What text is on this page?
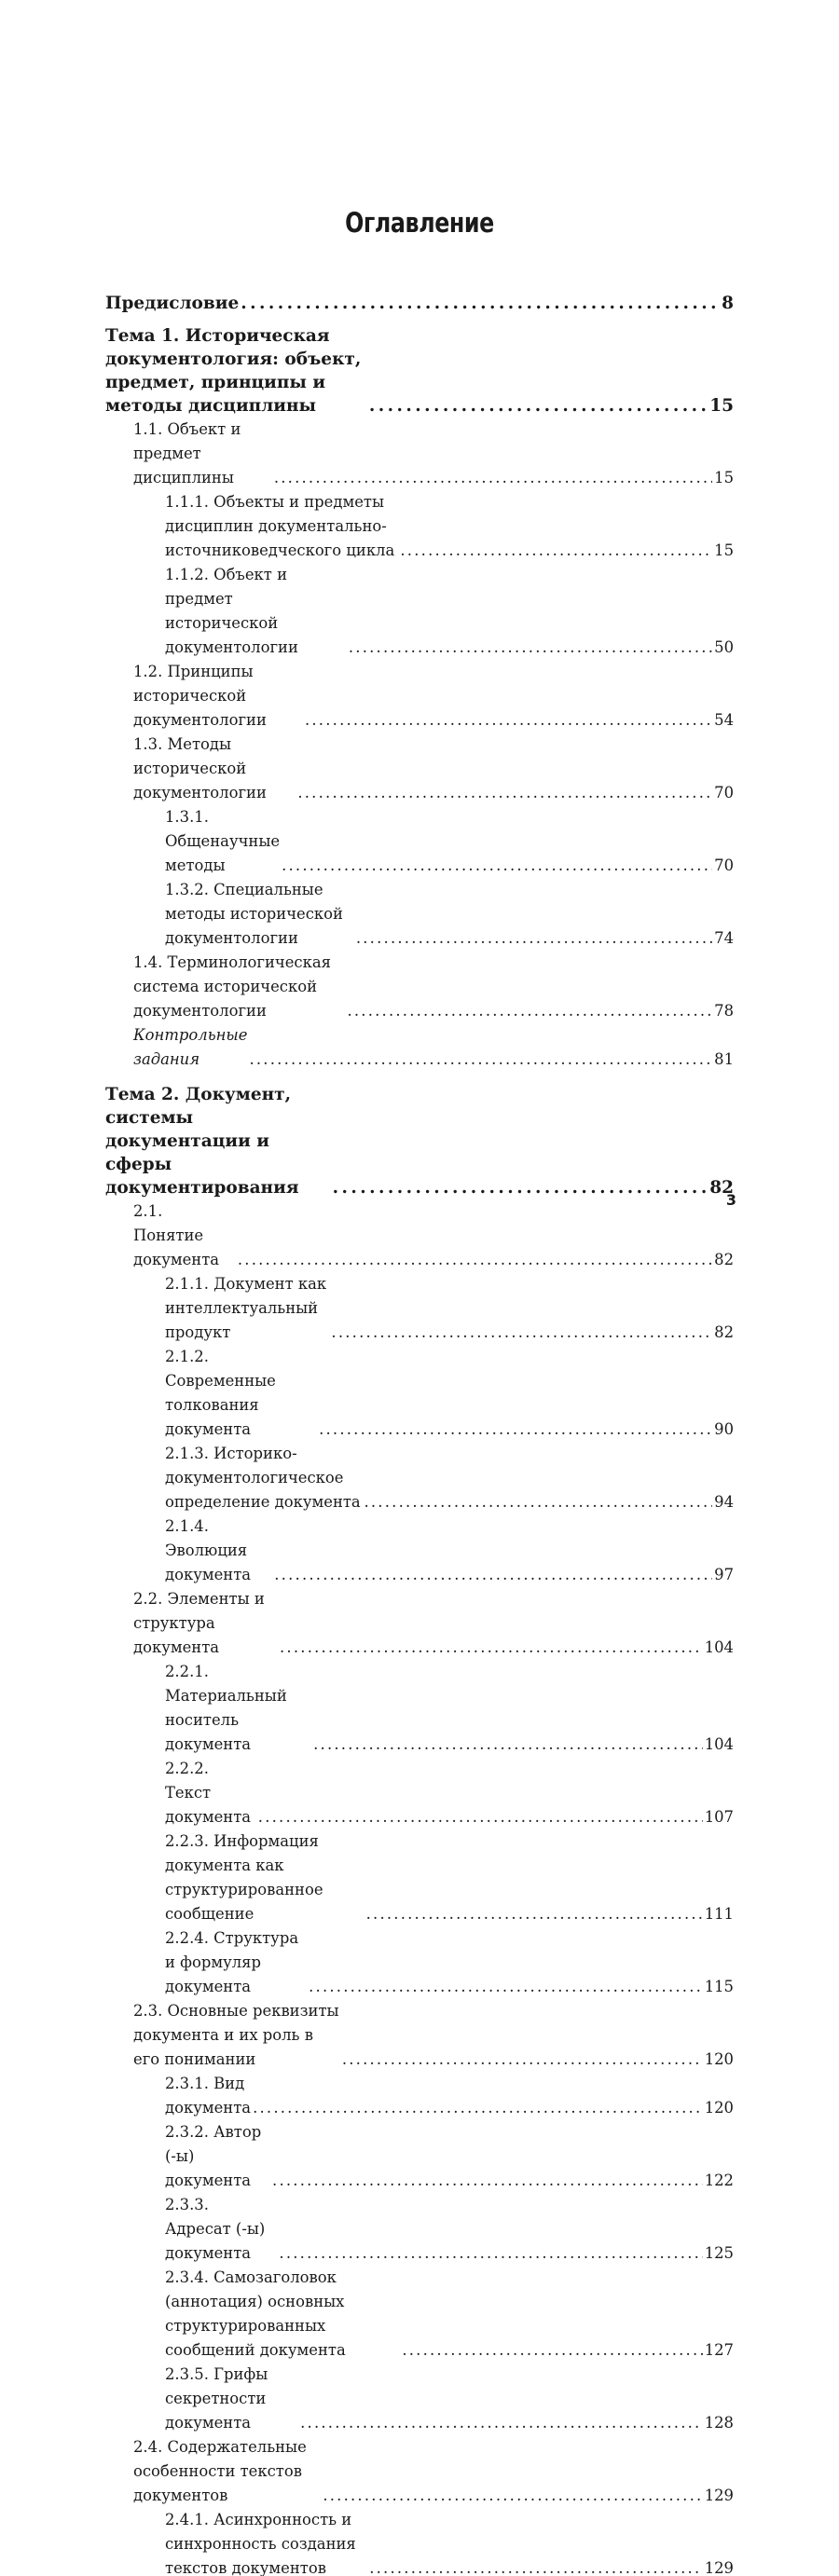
Оглавление
Предисловие . . .	8
Тема 1. Историческая документология: объект, предмет, принципы и методы дисциплины . . .	15
1.1. Объект и предмет дисциплины . . .	15
1.1.1. Объекты и предметы дисциплин документально-источниковедческого цикла . . .	15
1.1.2. Объект и предмет исторической документологии . . .	50
1.2. Принципы исторической документологии . . .	54
1.3. Методы исторической документологии . . .	70
1.3.1. Общенаучные методы . . .	70
1.3.2. Специальные методы исторической документологии . . .	74
1.4. Терминологическая система исторической документологии . . .	78
Контрольные задания . . .	81
Тема 2. Документ, системы документации и сферы документирования . . .	82
2.1. Понятие документа . . .	82
2.1.1. Документ как интеллектуальный продукт . . .	82
2.1.2. Современные толкования документа . . .	90
2.1.3. Историко-документологическое определение документа . . .	94
2.1.4. Эволюция документа . . .	97
2.2. Элементы и структура документа . . .	104
2.2.1. Материальный носитель документа . . .	104
2.2.2. Текст документа . . .	107
2.2.3. Информация документа как структурированное сообщение . . .	111
2.2.4. Структура и формуляр документа . . .	115
2.3. Основные реквизиты документа и их роль в его понимании . . .	120
2.3.1. Вид документа . . .	120
2.3.2. Автор (-ы) документа . . .	122
2.3.3. Адресат (-ы) документа . . .	125
2.3.4. Самозаголовок (аннотация) основных структурированных сообщений документа . . .	127
2.3.5. Грифы секретности документа . . .	128
2.4. Содержательные особенности текстов документов . . .	129
2.4.1. Асинхронность и синхронность создания текстов документов . . .	129
3
